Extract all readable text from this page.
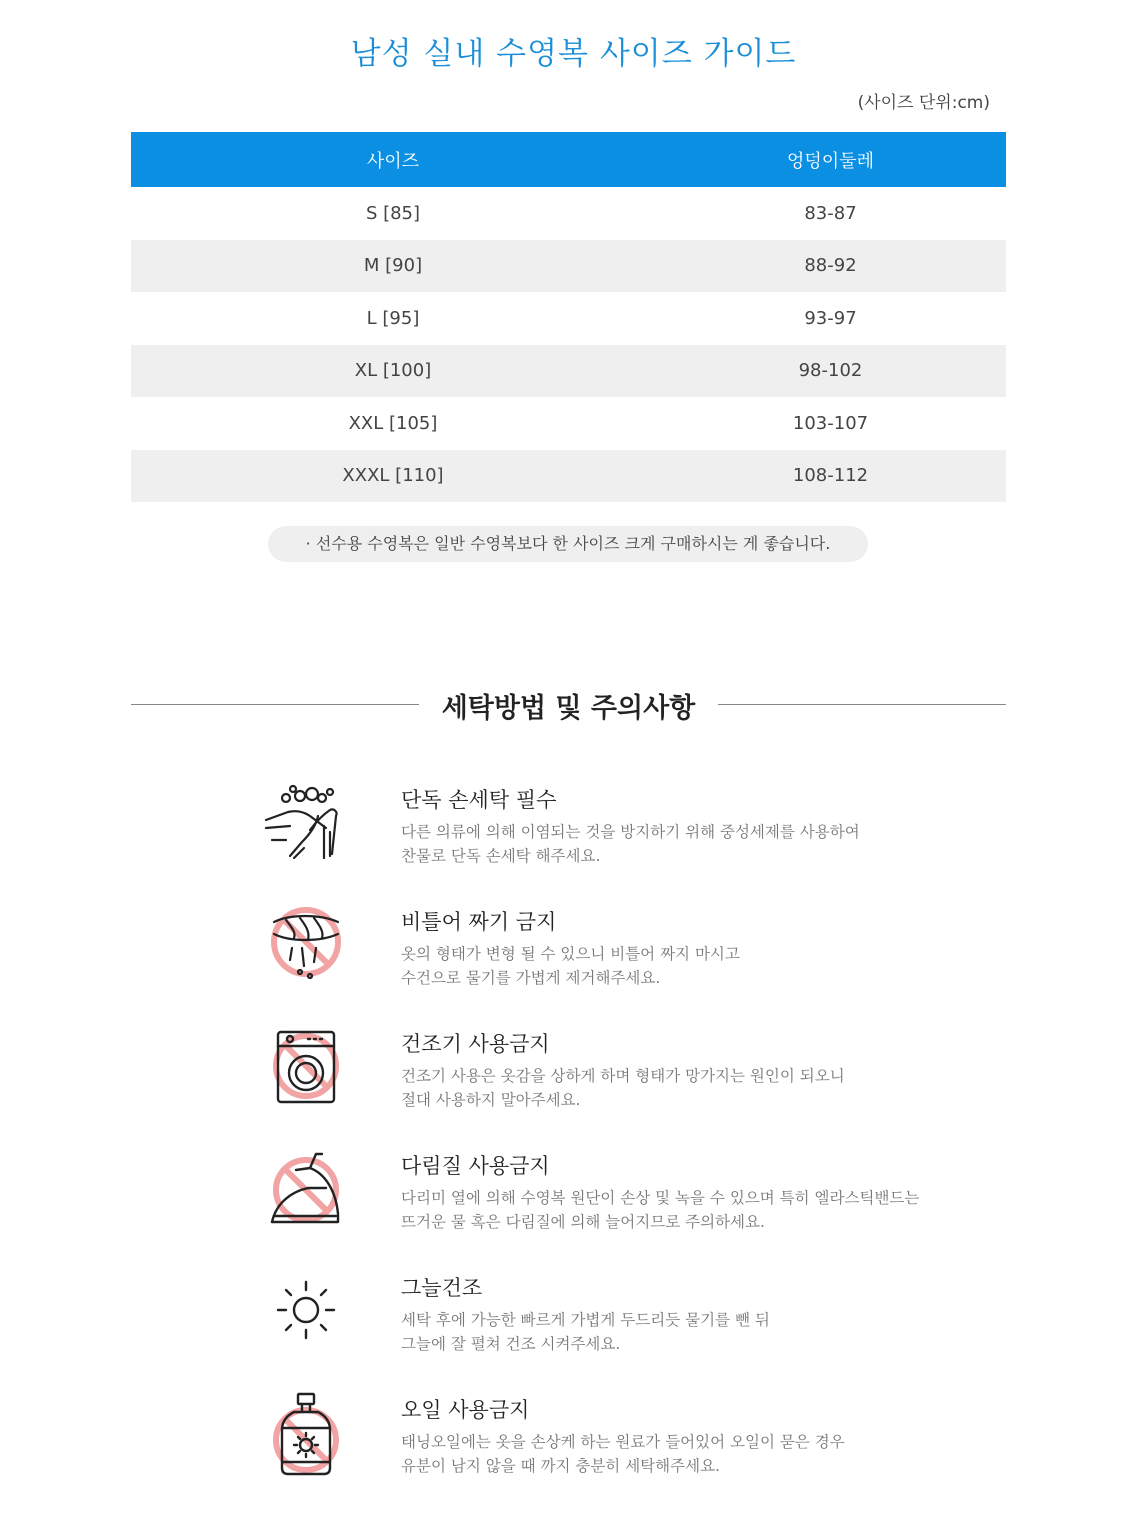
남성 실내 수영복 사이즈 가이드
(사이즈 단위:cm)
사이즈	엉덩이둘레
S [85]	83-87
M [90]	88-92
L [95]	93-97
XL [100]	98-102
XXL [105]	103-107
XXXL [110]	108-112
· 선수용 수영복은 일반 수영복보다 한 사이즈 크게 구매하시는 게 좋습니다.
세탁방법 및 주의사항
단독 손세탁 필수
다른 의류에 의해 이염되는 것을 방지하기 위해 중성세제를 사용하여
찬물로 단독 손세탁 해주세요.
비틀어 짜기 금지
옷의 형태가 변형 될 수 있으니 비틀어 짜지 마시고
수건으로 물기를 가볍게 제거해주세요.
건조기 사용금지
건조기 사용은 옷감을 상하게 하며 형태가 망가지는 원인이 되오니
절대 사용하지 말아주세요.
다림질 사용금지
다리미 열에 의해 수영복 원단이 손상 및 녹을 수 있으며 특히 엘라스틱밴드는
뜨거운 물 혹은 다림질에 의해 늘어지므로 주의하세요.
그늘건조
세탁 후에 가능한 빠르게 가볍게 두드리듯 물기를 뺀 뒤
그늘에 잘 펼쳐 건조 시켜주세요.
오일 사용금지
태닝오일에는 옷을 손상케 하는 원료가 들어있어 오일이 묻은 경우
유분이 남지 않을 때 까지 충분히 세탁해주세요.
